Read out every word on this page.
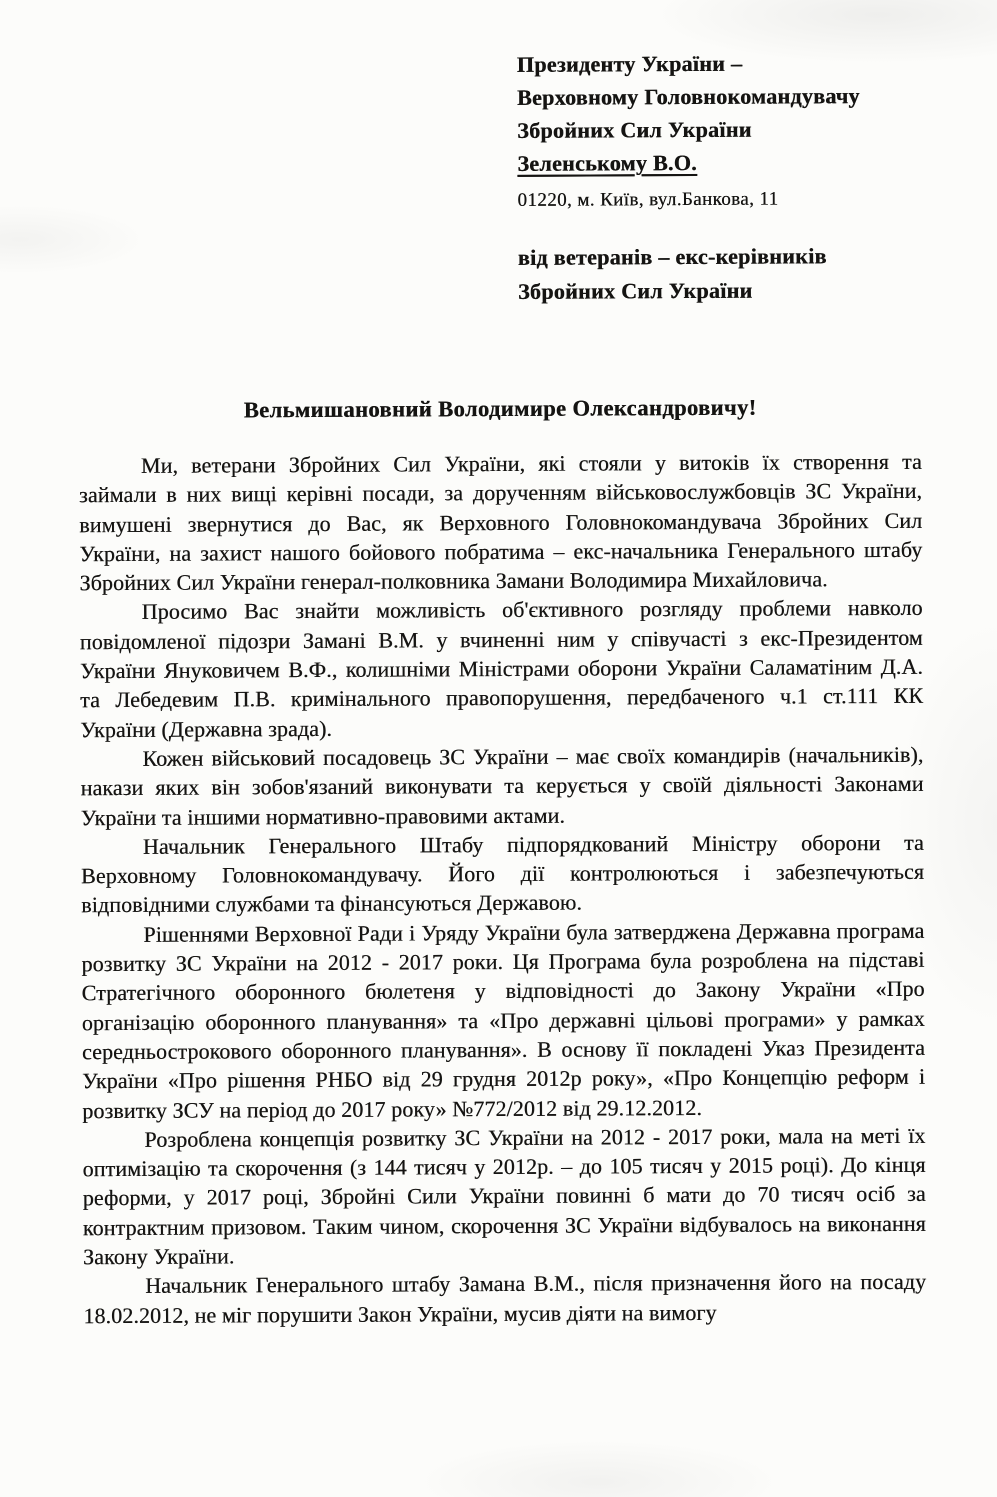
Президенту України –
Верховному Головнокомандувачу
Збройних Сил України
Зеленському В.О.
01220, м. Київ, вул.Банкова, 11
від ветеранів – екс-керівників
Збройних Сил України
Вельмишановний Володимире Олександровичу!

Ми, ветерани Збройних Сил України, які стояли у витоків їх створення та займали в них вищі керівні посади, за дорученням військовослужбовців ЗС України, вимушені звернутися до Вас, як Верховного Головнокомандувача Збройних Сил України, на захист нашого бойового побратима – екс-начальника Генерального штабу Збройних Сил України генерал-полковника Замани Володимира Михайловича.

Просимо Вас знайти можливість об'єктивного розгляду проблеми навколо повідомленої підозри Замані В.М. у вчиненні ним у співучасті з екс-Президентом України Януковичем В.Ф., колишніми Міністрами оборони України Саламатіним Д.А. та Лебедевим П.В. кримінального правопорушення, передбаченого ч.1 ст.111 КК України (Державна зрада).

Кожен військовий посадовець ЗС України – має своїх командирів (начальників), накази яких він зобов'язаний виконувати та керується у своїй діяльності Законами України та іншими нормативно-правовими актами.

Начальник Генерального Штабу підпорядкований Міністру оборони та Верховному Головнокомандувачу. Його дії контролюються і забезпечуються відповідними службами та фінансуються Державою.

Рішеннями Верховної Ради і Уряду України була затверджена Державна програма розвитку ЗС України на 2012 - 2017 роки. Ця Програма була розроблена на підставі Стратегічного оборонного бюлетеня у відповідності до Закону України «Про організацію оборонного планування» та «Про державні цільові програми» у рамках середньострокового оборонного планування». В основу її покладені Указ Президента України «Про рішення РНБО від 29 грудня 2012р року», «Про Концепцію реформ і розвитку ЗСУ на період до 2017 року» №772/2012 від 29.12.2012.

Розроблена концепція розвитку ЗС України на 2012 - 2017 роки, мала на меті їх оптимізацію та скорочення (з 144 тисяч у 2012р. – до 105 тисяч у 2015 році). До кінця реформи, у 2017 році, Збройні Сили України повинні б мати до 70 тисяч осіб за контрактним призовом. Таким чином, скорочення ЗС України відбувалось на виконання Закону України.

Начальник Генерального штабу Замана В.М., після призначення його на посаду 18.02.2012, не міг порушити Закон України, мусив діяти на вимогу
